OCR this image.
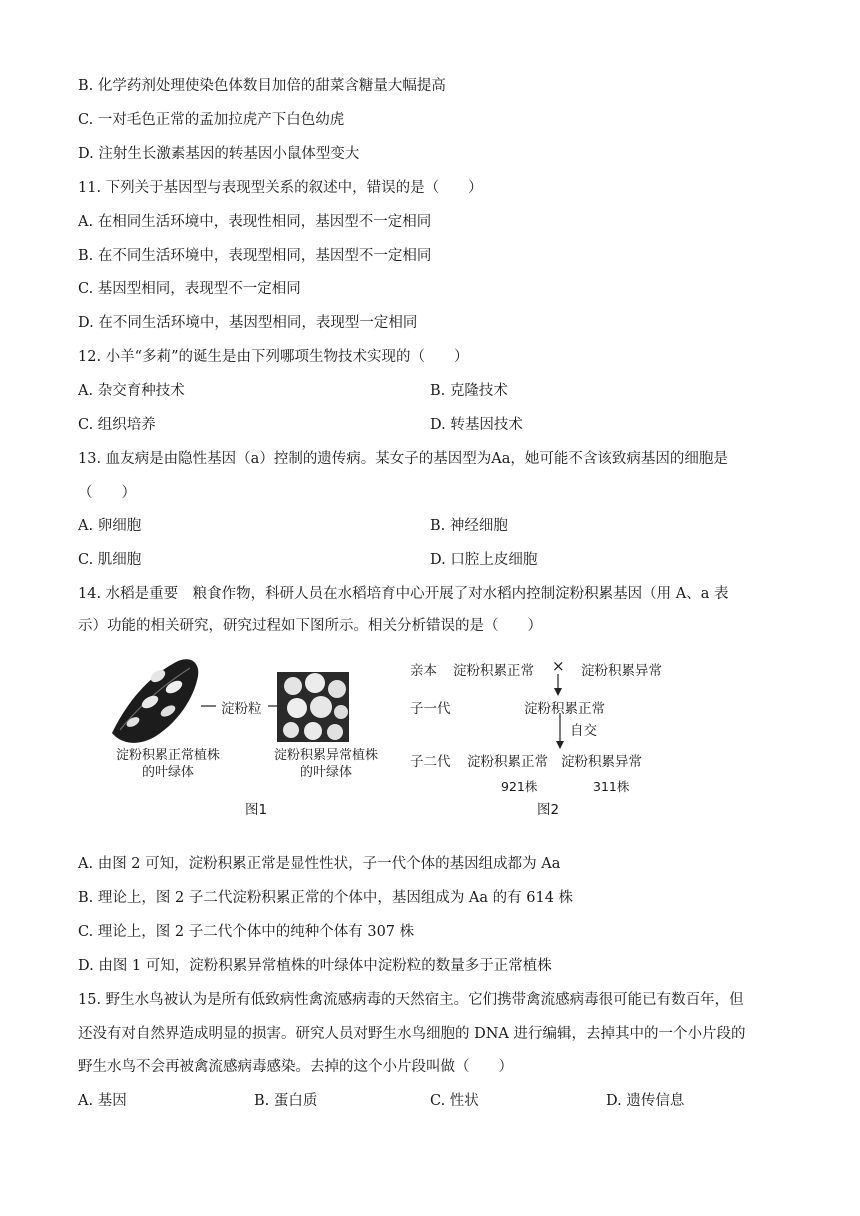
B. 化学药剂处理使染色体数目加倍的甜菜含糖量大幅提高
C. 一对毛色正常的孟加拉虎产下白色幼虎
D. 注射生长激素基因的转基因小鼠体型变大
11. 下列关于基因型与表现型关系的叙述中，错误的是（　　）
A. 在相同生活环境中，表现性相同，基因型不一定相同
B. 在不同生活环境中，表现型相同，基因型不一定相同
C. 基因型相同，表现型不一定相同
D. 在不同生活环境中，基因型相同，表现型一定相同
12. 小羊“多莉”的诞生是由下列哪项生物技术实现的（　　）
A. 杂交育种技术	B. 克隆技术
C. 组织培养	D. 转基因技术
13. 血友病是由隐性基因（a）控制的遗传病。某女子的基因型为Aa，她可能不含该致病基因的细胞是
（　　）
A. 卵细胞	B. 神经细胞
C. 肌细胞	D. 口腔上皮细胞
14. 水稻是重要　粮食作物，科研人员在水稻培育中心开展了对水稻内控制淀粉积累基因（用 A、a 表
示）功能的相关研究，研究过程如下图所示。相关分析错误的是（　　）
淀粉粒
淀粉积累正常植株
的叶绿体
淀粉积累异常植株
的叶绿体
图1
亲本 淀粉积累正常 × 淀粉积累异常
子一代	淀粉积累正常
自交
子二代 淀粉积累正常 淀粉积累异常
921株	311株
图2
A. 由图 2 可知，淀粉积累正常是显性性状，子一代个体的基因组成都为 Aa
B. 理论上，图 2 子二代淀粉积累正常的个体中，基因组成为 Aa 的有 614 株
C. 理论上，图 2 子二代个体中的纯种个体有 307 株
D. 由图 1 可知，淀粉积累异常植株的叶绿体中淀粉粒的数量多于正常植株
15. 野生水鸟被认为是所有低致病性禽流感病毒的天然宿主。它们携带禽流感病毒很可能已有数百年，但
还没有对自然界造成明显的损害。研究人员对野生水鸟细胞的 DNA 进行编辑，去掉其中的一个小片段的
野生水鸟不会再被禽流感病毒感染。去掉的这个小片段叫做（　　）
A. 基因	B. 蛋白质	C. 性状	D. 遗传信息
